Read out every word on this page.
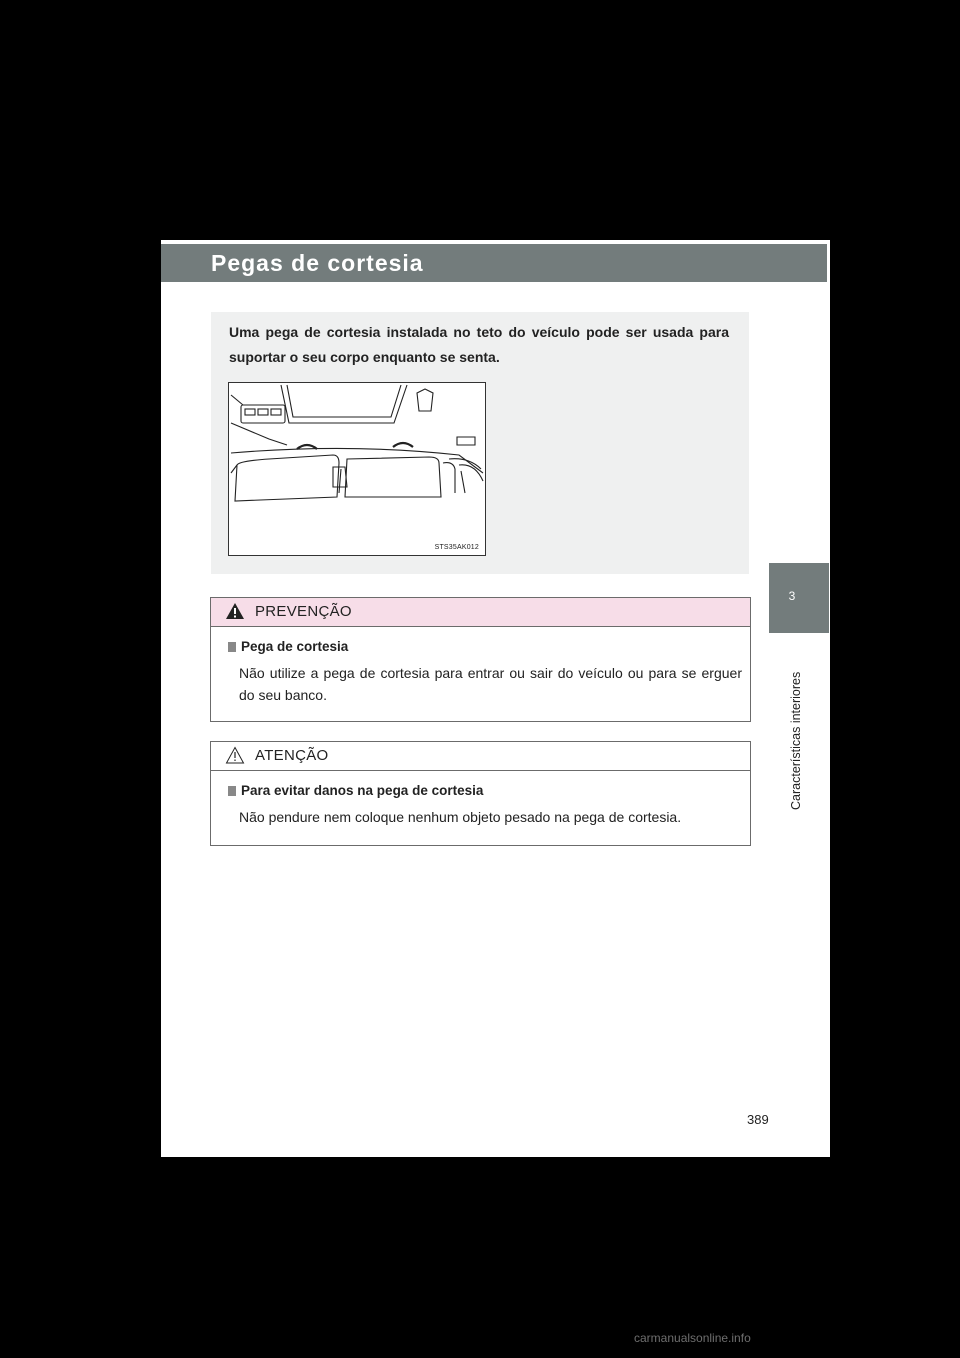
Pegas de cortesia
Uma pega de cortesia instalada no teto do veículo pode ser usada para suportar o seu corpo enquanto se senta.
STS35AK012
PREVENÇÃO
Pega de cortesia
Não utilize a pega de cortesia para entrar ou sair do veículo ou para se erguer do seu banco.
ATENÇÃO
Para evitar danos na pega de cortesia
Não pendure nem coloque nenhum objeto pesado na pega de cortesia.
3
Características interiores
389
carmanualsonline.info
